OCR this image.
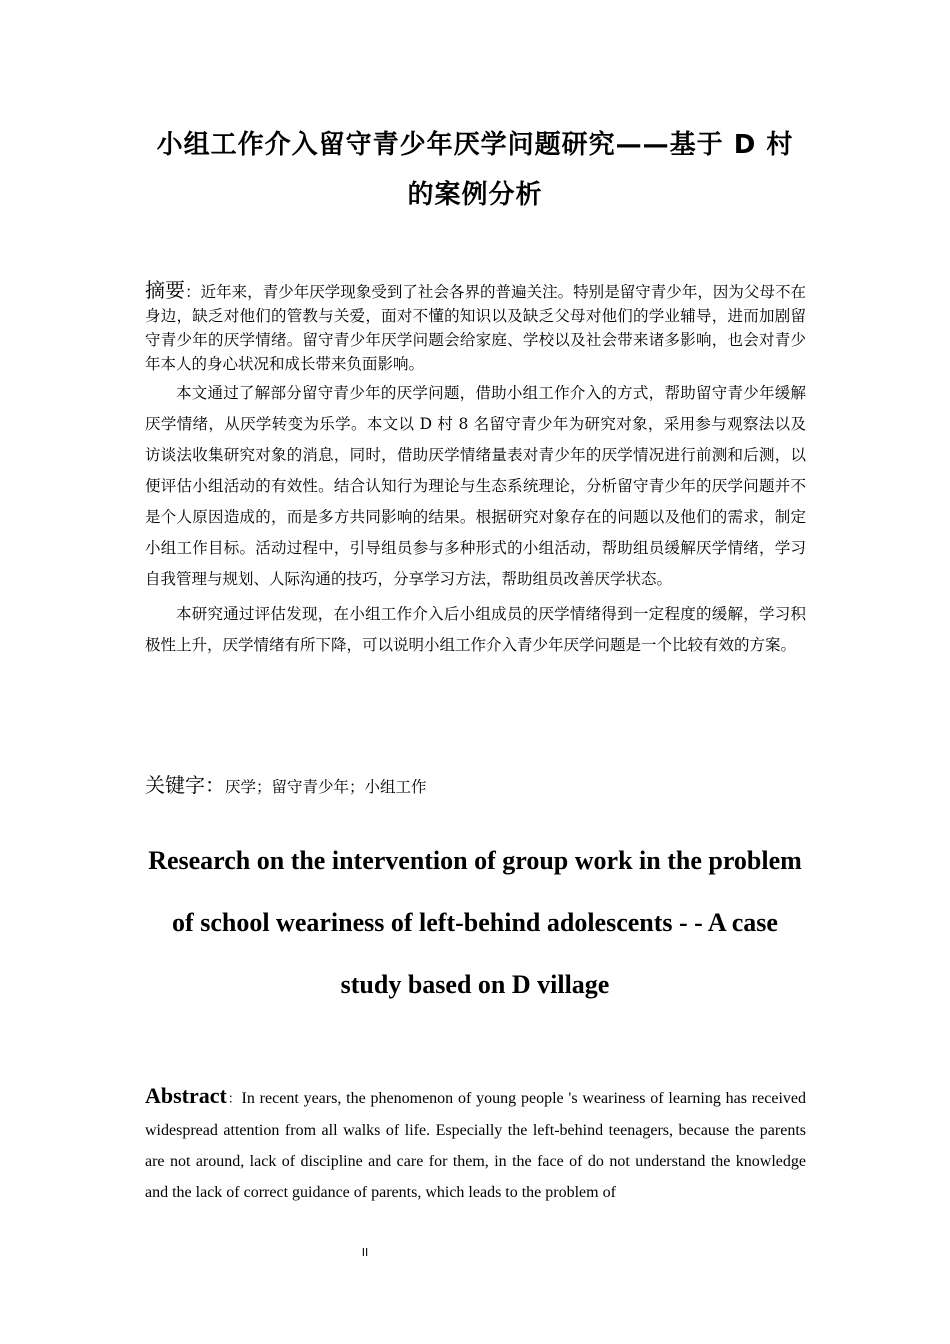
小组工作介入留守青少年厌学问题研究——基于 D 村的案例分析

摘要：近年来，青少年厌学现象受到了社会各界的普遍关注。特别是留守青少年，因为父母不在身边，缺乏对他们的管教与关爱，面对不懂的知识以及缺乏父母对他们的学业辅导，进而加剧留守青少年的厌学情绪。留守青少年厌学问题会给家庭、学校以及社会带来诸多影响，也会对青少年本人的身心状况和成长带来负面影响。

本文通过了解部分留守青少年的厌学问题，借助小组工作介入的方式，帮助留守青少年缓解厌学情绪，从厌学转变为乐学。本文以 D 村 8 名留守青少年为研究对象，采用参与观察法以及访谈法收集研究对象的消息，同时，借助厌学情绪量表对青少年的厌学情况进行前测和后测，以便评估小组活动的有效性。结合认知行为理论与生态系统理论，分析留守青少年的厌学问题并不是个人原因造成的，而是多方共同影响的结果。根据研究对象存在的问题以及他们的需求，制定小组工作目标。活动过程中，引导组员参与多种形式的小组活动，帮助组员缓解厌学情绪，学习自我管理与规划、人际沟通的技巧，分享学习方法，帮助组员改善厌学状态。

本研究通过评估发现，在小组工作介入后小组成员的厌学情绪得到一定程度的缓解，学习积极性上升，厌学情绪有所下降，可以说明小组工作介入青少年厌学问题是一个比较有效的方案。

关键字：厌学；留守青少年；小组工作
Research on the intervention of group work in the problem of school weariness of left-behind adolescents - - A case study based on D village

Abstract：In recent years, the phenomenon of young people 's weariness of learning has received widespread attention from all walks of life. Especially the left-behind teenagers, because the parents are not around, lack of discipline and care for them, in the face of do not understand the knowledge and the lack of correct guidance of parents, which leads to the problem of

II
